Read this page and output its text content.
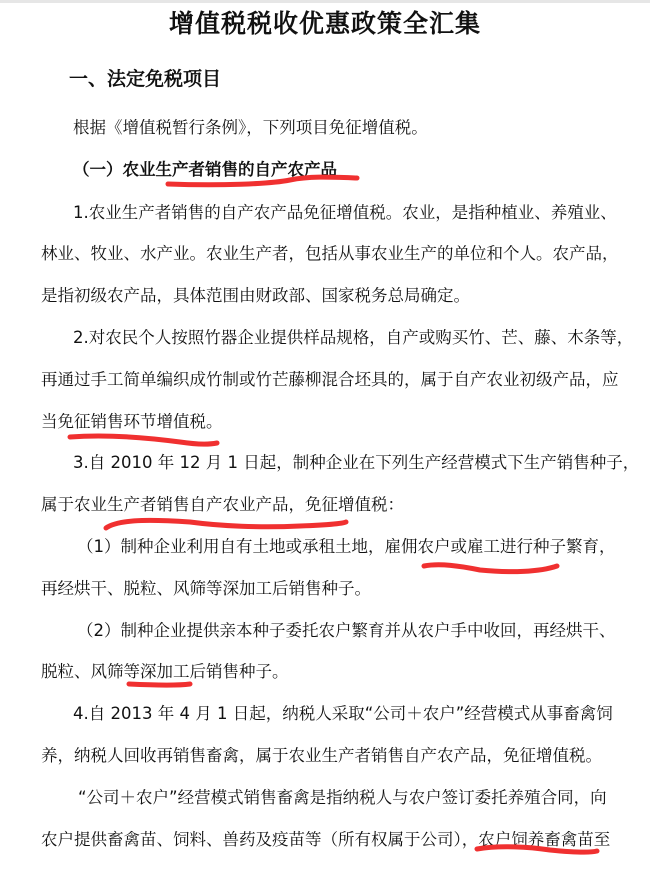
增值税税收优惠政策全汇集
一、法定免税项目
根据《增值税暂行条例》，下列项目免征增值税。
（一）农业生产者销售的自产农产品
1.农业生产者销售的自产农产品免征增值税。农业，是指种植业、养殖业、
林业、牧业、水产业。农业生产者，包括从事农业生产的单位和个人。农产品，
是指初级农产品，具体范围由财政部、国家税务总局确定。
2.对农民个人按照竹器企业提供样品规格，自产或购买竹、芒、藤、木条等，
再通过手工简单编织成竹制或竹芒藤柳混合坯具的，属于自产农业初级产品，应
当免征销售环节增值税。
3.自 2010 年 12 月 1 日起，制种企业在下列生产经营模式下生产销售种子，
属于农业生产者销售自产农业产品，免征增值税：
（1）制种企业利用自有土地或承租土地，雇佣农户或雇工进行种子繁育，
再经烘干、脱粒、风筛等深加工后销售种子。
（2）制种企业提供亲本种子委托农户繁育并从农户手中收回，再经烘干、
脱粒、风筛等深加工后销售种子。
4.自 2013 年 4 月 1 日起，纳税人采取“公司＋农户”经营模式从事畜禽饲
养，纳税人回收再销售畜禽，属于农业生产者销售自产农产品，免征增值税。
“公司＋农户”经营模式销售畜禽是指纳税人与农户签订委托养殖合同，向
农户提供畜禽苗、饲料、兽药及疫苗等（所有权属于公司），农户饲养畜禽苗至
